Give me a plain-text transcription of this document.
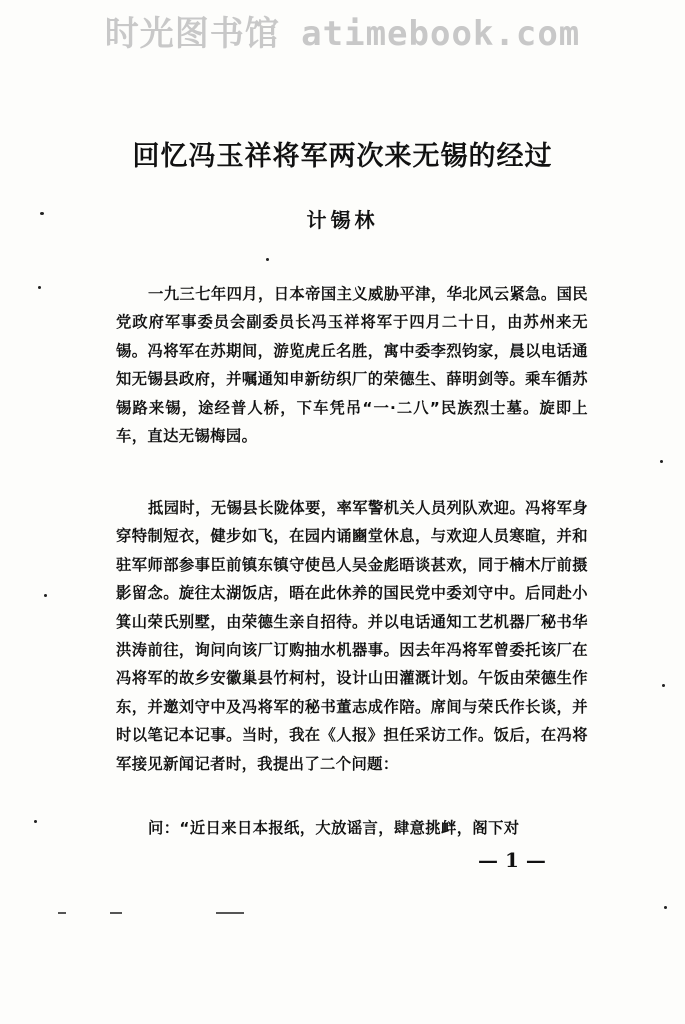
时光图书馆 atimebook.com
回忆冯玉祥将军两次来无锡的经过
计锡林
一九三七年四月，日本帝国主义威胁平津，华北风云紧急。国民党政府军事委员会副委员长冯玉祥将军于四月二十日，由苏州来无锡。冯将军在苏期间，游览虎丘名胜，寓中委李烈钧家，晨以电话通知无锡县政府，并嘱通知申新纺织厂的荣德生、薛明剑等。乘车循苏锡路来锡，途经普人桥，下车凭吊“一·二八”民族烈士墓。旋即上车，直达无锡梅园。
抵园时，无锡县长陇体要，率军警机关人员列队欢迎。冯将军身穿特制短衣，健步如飞，在园内诵豳堂休息，与欢迎人员寒暄，并和驻军师部参事臣前镇东镇守使邑人吴金彪晤谈甚欢，同于楠木厅前摄影留念。旋往太湖饭店，晤在此休养的国民党中委刘守中。后同赴小箕山荣氏别墅，由荣德生亲自招待。并以电话通知工艺机器厂秘书华洪涛前往，询问向该厂订购抽水机器事。因去年冯将军曾委托该厂在冯将军的故乡安徽巢县竹柯村，设计山田灌溉计划。午饭由荣德生作东，并邀刘守中及冯将军的秘书董志成作陪。席间与荣氏作长谈，并时以笔记本记事。当时，我在《人报》担任采访工作。饭后，在冯将军接见新闻记者时，我提出了二个问题：
问：“近日来日本报纸，大放谣言，肆意挑衅，阁下对
— 1 —
